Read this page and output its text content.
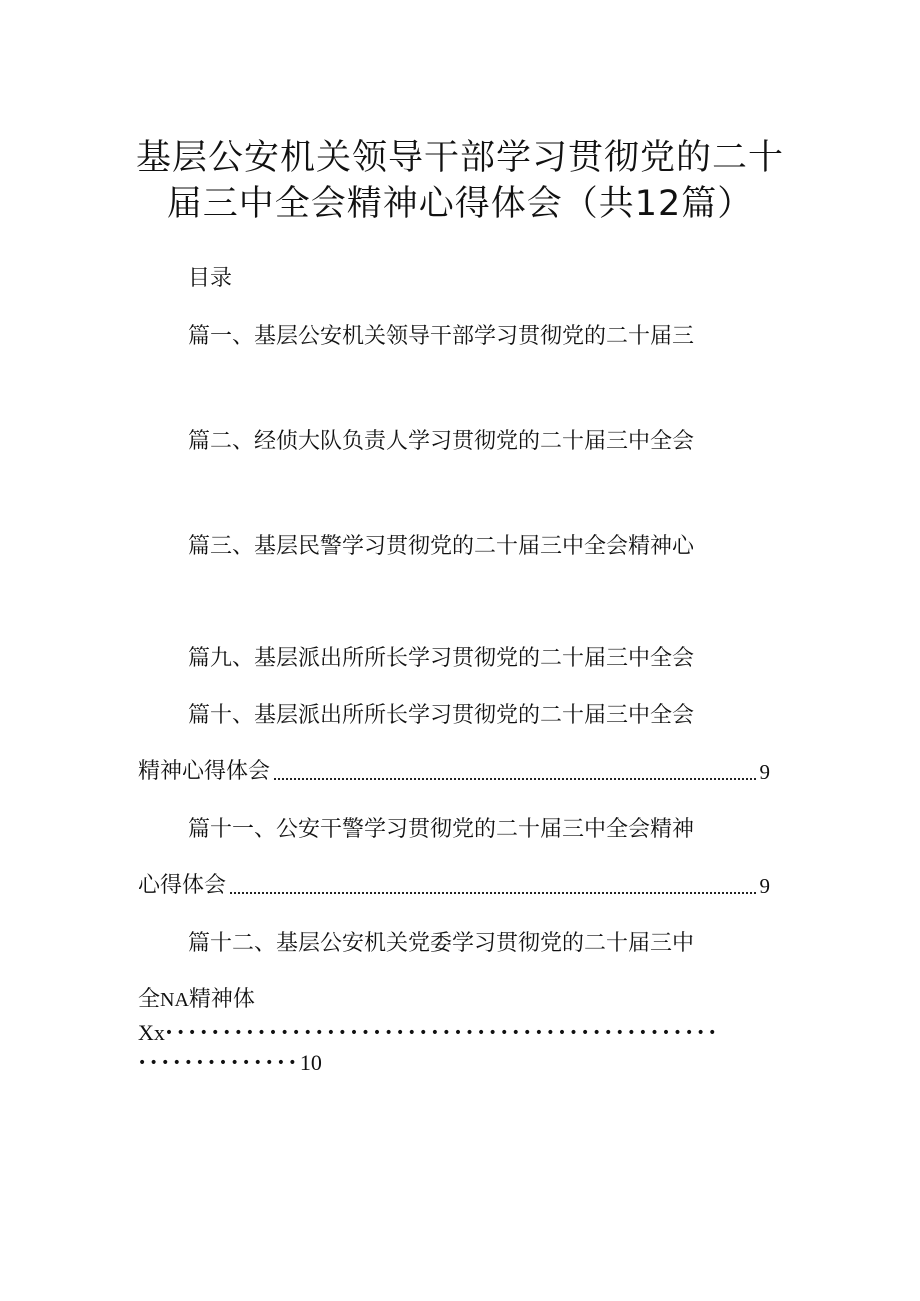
基层公安机关领导干部学习贯彻党的二十
届三中全会精神心得体会（共12篇）
目录
篇一、基层公安机关领导干部学习贯彻党的二十届三
篇二、经侦大队负责人学习贯彻党的二十届三中全会
篇三、基层民警学习贯彻党的二十届三中全会精神心
篇九、基层派出所所长学习贯彻党的二十届三中全会
篇十、基层派出所所长学习贯彻党的二十届三中全会
精神心得体会	9
篇十一、公安干警学习贯彻党的二十届三中全会精神
心得体会	9
篇十二、基层公安机关党委学习贯彻党的二十届三中
全NA精神体
Xx ••••••••••••••••••••••••••••••••••••••••••••••••
•••••••••••••• 10
